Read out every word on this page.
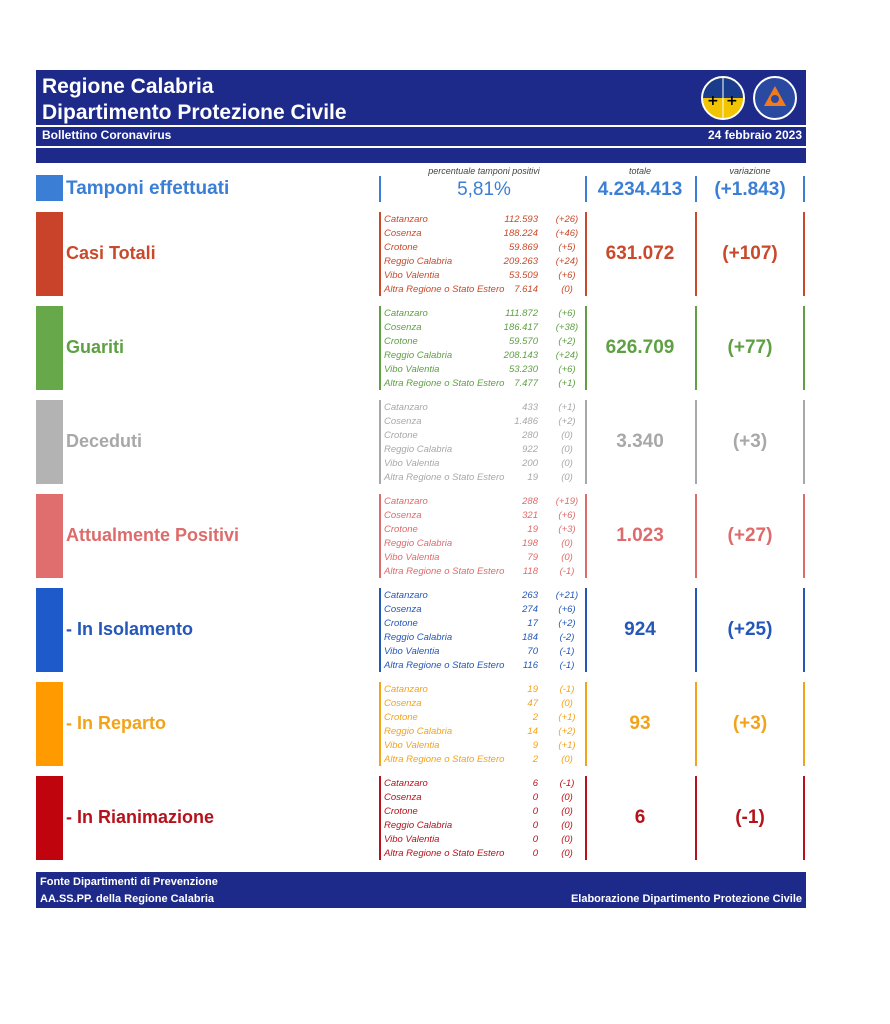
Regione Calabria
Dipartimento Protezione Civile
Bollettino Coronavirus	24 febbraio 2023
+ +
percentuale tamponi positivi	totale	variazione
Tamponi effettuati	5,81%	4.234.413	(+1.843)
Casi Totali
Catanzaro	112.593 (+26)
Cosenza	188.224 (+46)
Crotone	59.869	(+5)
Reggio Calabria	209.263 (+24)
Vibo Valentia	53.509	(+6)
Altra Regione o Stato Estero	7.614	(0)
631.072	(+107)
Guariti
Catanzaro	111.872	(+6)
Cosenza	186.417 (+38)
Crotone	59.570	(+2)
Reggio Calabria	208.143 (+24)
Vibo Valentia	53.230	(+6)
Altra Regione o Stato Estero	7.477	(+1)
626.709	(+77)
Deceduti
Catanzaro	433	(+1)
Cosenza	1.486	(+2)
Crotone	280	(0)
Reggio Calabria	922	(0)
Vibo Valentia	200	(0)
Altra Regione o Stato Estero	19	(0)
3.340	(+3)
Attualmente Positivi
Catanzaro	288 (+19)
Cosenza	321	(+6)
Crotone	19	(+3)
Reggio Calabria	198	(0)
Vibo Valentia	79	(0)
Altra Regione o Stato Estero	118	(-1)
1.023	(+27)
- In Isolamento
Catanzaro	263 (+21)
Cosenza	274	(+6)
Crotone	17	(+2)
Reggio Calabria	184	(-2)
Vibo Valentia	70	(-1)
Altra Regione o Stato Estero	116	(-1)
924	(+25)
- In Reparto
Catanzaro	19	(-1)
Cosenza	47	(0)
Crotone	2	(+1)
Reggio Calabria	14	(+2)
Vibo Valentia	9	(+1)
Altra Regione o Stato Estero	2	(0)
93	(+3)
- In Rianimazione
Catanzaro	6	(-1)
Cosenza	0	(0)
Crotone	0	(0)
Reggio Calabria	0	(0)
Vibo Valentia	0	(0)
Altra Regione o Stato Estero	0	(0)
6	(-1)
Fonte Dipartimenti di Prevenzione
AA.SS.PP. della Regione Calabria	Elaborazione Dipartimento Protezione Civile
